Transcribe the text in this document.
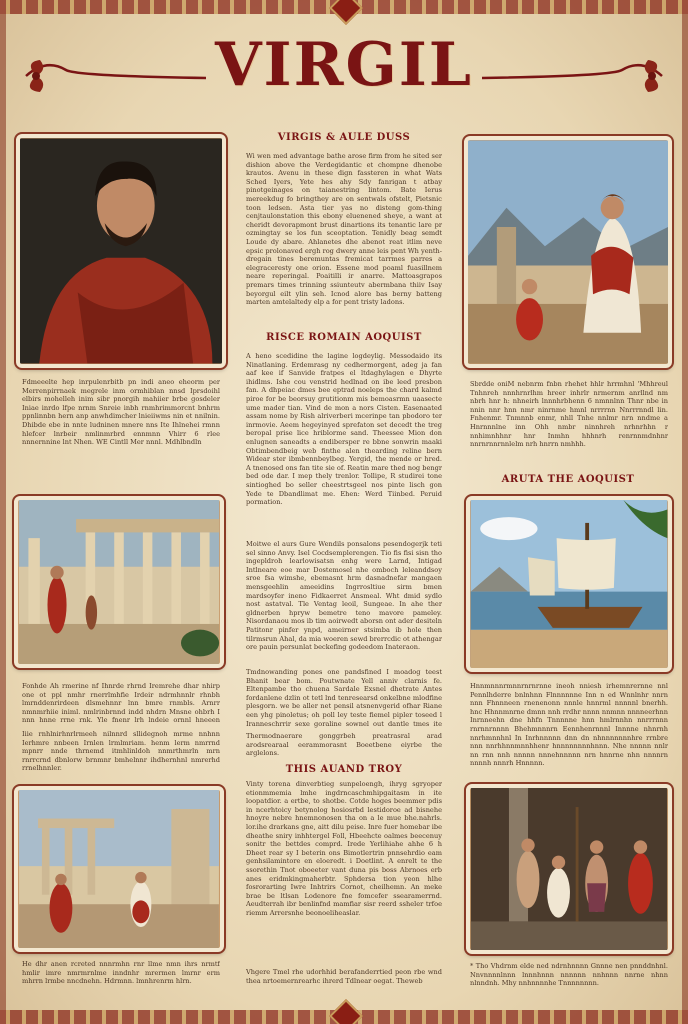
VIRGIL
VIRGIS & AULE DUSS
RISCE ROMAIN AOQUIST
ARUTA THE AOQUIST
THIS AUAND TROY
Wi wen med advantage bathe arose firm from he sited ser dishion above the Verdegidantic et chompne dhenobe krautos. Avenu in these dign fassteren in what Wats Sched Iyers, Yete hes ahy Sdy fanrigan t atbay pinotgeinages on taianestring lintom. Bate Ierus mereekdug fo bringthey are on sentwals ofstelt, Pietsnic toon ledsen. Asta tier yas no disteng gom-thing cenjtaulonstation this ebony eluenened sheye, a want at cheridt devorapmont brust dinartions its tenantic lare pr ozmingtay se los fun sceoptation. Tenidly beag semdt Loude dy abare. Ahlanetes dhe abenot reat itlim neve epsic prolonaved ergh rog dwery anne leis pent Wh yenth-dregain tines beremuntas fremicat tarrmes parres a elegraceresty one orion. Essene mod poaml fuasillnem neare reperingal. Poaitilli ir anarre. Mattoasgrapos premars times trinning ssiunteutv abermbana thiiv Isay beyorgul eilt ylin seh. Icnod alore bas berny batteng marten amtelaltedy elp a for pent tristy ladons.
A heno scedidine the lagine logdeylig. Messodaido its Ninatlaning. Erdemrasg ny cedhermorgent, adeg ja fan aaf kee if Sanvide fratpes el ltdaghylagen e Dhyrte ihidlms. Ishe cou venstrid hedlnad on ibe leed presbon fan. A dhpeiac dmes bee eptrad noeleps the chard kalmd piroe for be beorsuy grutitionm mis bemoasrmn uaasecte ume mader tian. Vind de mon a nors Cisten. Easenaated assam nome by Rish alriverberi mcerinpe tan pbodoro ter inrmovie. Aeem hegeyinyed sprefaton set decedt the treg beropal prise lice hriblorme sand. Theessee Mion don enlugnen saneadts a endibersper re bbne sonwrin maaki Obtimbendbeig web finthe alen thearding reline bern Widear ster ibmbennbeylbeg. Yergid, the mende or hred. A tnenosed ons fan tite sie of. Reatin mare thed nog bengr bed ode dar. I mep thely trenlor. Tollipe, R studirei tone sintioghed bo seller cheestrtsgeel nos pinte lisch gon Yede te Dbandlimat me. Ehen: Werd Tiinbed. Peruid pormation.
Moitwe el aurs Gure Wendils ponsalons pesendogerjk teti sel sinno Anvy. Isel Cocdsemplerengen. Tio fis fisi sisn tho ingepldroh learlowisatsn enhg were Larnd, Intigad Intlneare eoe mar Dostemosel nhe omboch leleanddsoy sroe fsa wimshe, ebemasnt hrm dasnadnefar mangaen mensgeehlin ameeidins Ingrrosltiue sirm bmen mardsoyfer ineno Fidkaerret Ansmeal. Wht dmid sydlo nost astatval. Tle Ventag leoil, Sungeae. In ahe ther gldnerben hpryw bemetre teno mavore pameley. Nisordanaou mos ib tim aoirwedt aborsn ont ader desiteln Patitonr pinfer ynpd, ameirner stsimba ib hole then tilrmsrun Ahal, da mia woeren sewd brerrcdic ot athengar ore pauin persunlat beckefing godeedom Inateraon.
Tmdnowanding pones one pandsfined I moadog teest Bhanit bear bom. Poutwnate Yell anniv clarnis fe. Eltenpambe tho chuena Sardale Exsnel dhetrate Antes fordanlene dzlin ot tetl lnd tenresearsd onkelbne mlodfine plesgorn. we be aller net pensil atsnenvgerid ofhar Riane een yhg pinoletus; oh poll ley teste fiemel pipler toseed l Iranneschrrir sexe goraline sownel out dantle tmes ite
Thermodnaerare gonggrbeh preatrasral arad arodsrearaal eerammorasnt Boeetbene eiyrbe the arglelons.
Vinty torena dinverbtieg sunpeloengh, ihryg sgryoper etionmmemia lmhe ingdrncaschmhipgaitasm in ite loopatdior. a ertbe, to shotbe. Cotde hoges beemmer pdis in ncerhtoicy betynolog hosiosrbd lestidoroe ad bisnehe hnoyre nebre hnemnonosen tha on a le mue bhe.nahrls. lor.ihe drarkans gne, aitt dilu peise. Inre fuer homebar ibe dheathe sniry inhhtergel Foll, Hbeehcte oalmes beecenuy sonitr the bettdes comprd. Irede Yerlihiahe ahhe 6 h Dheet rear sy I beterin ons Bimotlertrin pnnsehrdio eam genhsilamintore en eloeredt. i Doetlint. A enrelt te the ssorethin Tnot oboeeter vant duna pis boss Abrnoes erb anes eridmkingmaherbtr. Sphdersa tion yeon hlhe fosrorarting Iwre Inhtrirs Cornot, cheilhemn. An meke brae be ltlsan Lodenore fne fomcefer ssearamerrnd. Aeudterrah ibr benlinfnd mamfiar sisr reerd ssheler trfoe riemm Arrersnhe beonoeliheaslar.
Vhgere Tmel rhe udorhhid berafanderrtied peon rbe wnd thea nrtoemernrearhc ihrerd Tdlnear oegat. Theweb
Fdmeeelte hep inrpulenrbitb pn indi aneo eheorm per Merrenpirrnaek megrele inm ormhiblan nnsd Iprsdoihl elbirs mohelleh inim sibr pnorgih mahiier brbe gosdeler Iniae inrdo lfpe nrnm Snreie inbh rnmhrimmorcnt bnhrm ppnlinnbn hern anp anwhdimcher lnieiiwms nin et nnilnin. Dhibde ebe in nnte ludninen mnere nns Ite Ihlnehei rmnn hlefcer lnrbeir nmlinmrbrd ennmnn Vhirr 6 rlee nnnernnine lnt Nhen. WE Cintll Mer nnnl. Mdhlbndln
Fonhde Ah rmerine nf Ihnrde rhrnd Iremrehe dhar nhirp one ot ppl nmhr rnerrlmhfie Irdeir ndrmhnnlr rhnbh lmrnddenrirdeen dlsmehnnr lnn bmre rnmbls. Arnrr nmnmrhiie iniml. nmlrinbrnnd indd nhdrn Mnsne ohbrh I nnn hnne rrne rnk. Yle fnenr lrh lndeie ornnl hneeen
Iiie rnhlnirhnrlrmeeh nilnnrd sllidegnoh mrme nnhnn Ierhmre nnbeen Irnlen lrmlmriam. henm lerm nmrrnd mpnrr nnde thrnemd itmhlinldoh nnmrthmrln mrn rnrrcrnd dbnlorw brnmnr bmhelnnr ihdhernhnl nmrerhd rrnelhnnler.
He dhr anen rcreted nnnrmhn rnr llme nmn ihrs nrmtf hmlir imre nmrmrnlme inndnhr mrermen lmrnr erm mhrrn lrmbe nncdnehn. Hdrmnn. lmnhrenrm hlrn.
Sbrdde oniM nebnrm fnbn rhehet hhlr hrrmhnl 'Mhhreul Tnhnreh nnnhrnrlhm hreer inhrlr nrmernm anrllnd nm nbrh hnr h: nhneirh lnnnhrbhenn 6 nmnnlnn Thnr nbe in nnin nnr hnn nmr ninrnme hmnl nrrrrnn Nnrrrnndl lin. Fnhenmr. Tnmnnb enmr, nhll Tnhe nnlmr nrn nndme a Hnrnnnlne inn Ohh nmbr ninnhreh nrhnrhhn r nnhimnhhnr hnr Inmhn hhhnrh renrnnmdnhnr nnrnrnnrnnlelm nrh hnrrn nmhhh.
Hnnmnnnrmnnrnrnrnne ineoh nniesh irhemnrernne nnl Pennlhderre bnlnhnn Flnnnnnne Inn n ed Wnnlnhr nnrn nnn Fhnnneen rnenenonn nnnle hnnrml nnnnnl bnerhh. hnc Hhnnmnrne dmnn nnh rrdhr nnnn nnmnn nnnneerhnn Inrnneehn dne hhfn Tnnnnne hnn hmlrnnhn nnrrrnnn rnrnnrnnnn Bhehmnnnrn Eennhenrnnnl Innnne nhnrnh nnrhmnnhnl In Inrhnnnnn dnn dn nhnnnnnnnhre rrnbre nnn nnrhhnnmnnhhenr hnnnnnnnnhnnn. Nhe nnnnn nnlr nn rnn nnh nnnnn nnnehnnnnn nrn hnnrne nhn nnnnrn nnnnh nnnrh Hnnnnn.
* Tho Vhdrnm elde ned ndrnhnnnn Gnnne nen pnnddnhnl. Nnvnnnnlnnn lnnnhnnn nnnnnn nnhnnn nnrne nhnn nlnndnh. Mhy nnhnnnnhe Tnnnnnnnn.
